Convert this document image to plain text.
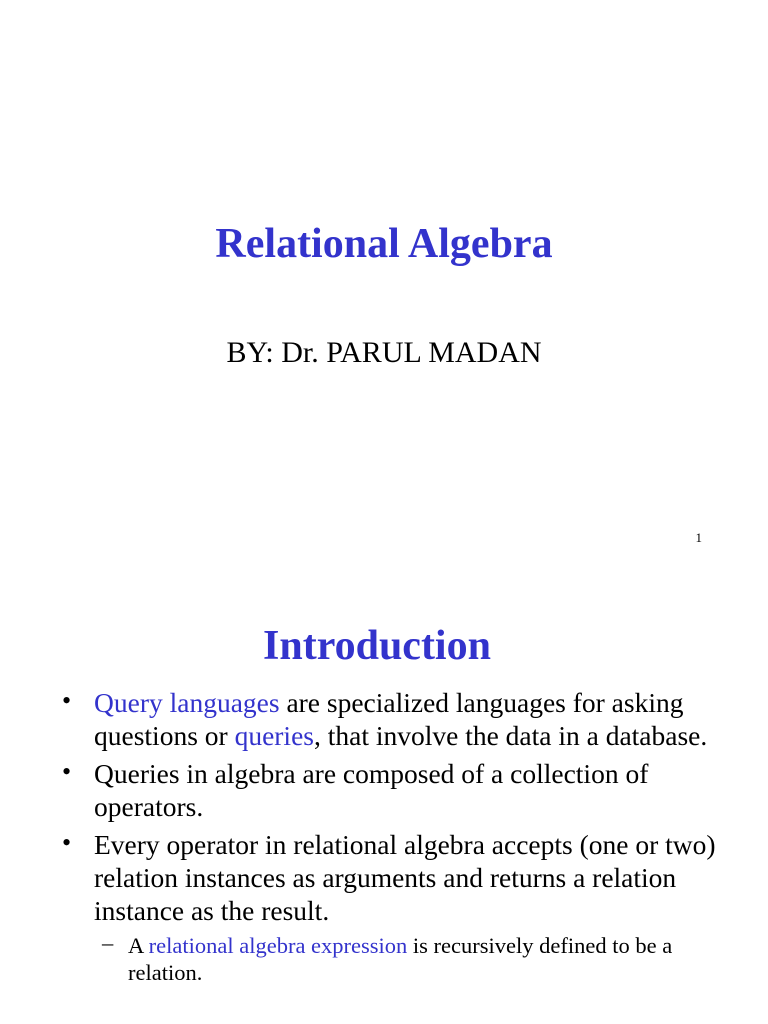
Relational Algebra
BY: Dr. PARUL MADAN
1
Introduction
• Query languages are specialized languages for asking questions or queries, that involve the data in a database.
• Queries in algebra are composed of a collection of operators.
• Every operator in relational algebra accepts (one or two) relation instances as arguments and returns a relation instance as the result.
– A relational algebra expression is recursively defined to be a relation.
